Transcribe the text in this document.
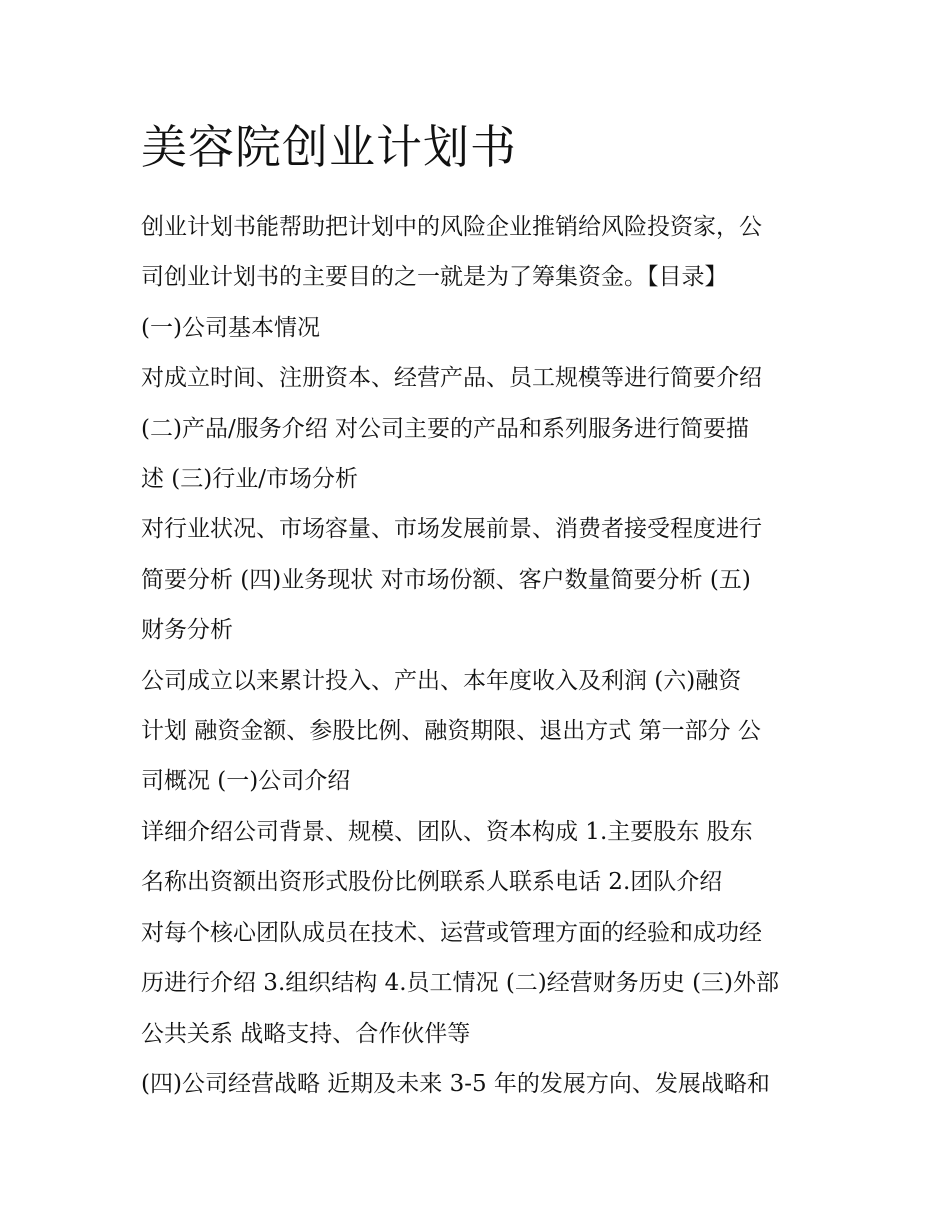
美容院创业计划书

创业计划书能帮助把计划中的风险企业推销给风险投资家，公

司创业计划书的主要目的之一就是为了筹集资金。【目录】

(一)公司基本情况

对成立时间、注册资本、经营产品、员工规模等进行简要介绍

(二)产品/服务介绍 对公司主要的产品和系列服务进行简要描

述 (三)行业/市场分析

对行业状况、市场容量、市场发展前景、消费者接受程度进行

简要分析 (四)业务现状 对市场份额、客户数量简要分析 (五)

财务分析

公司成立以来累计投入、产出、本年度收入及利润 (六)融资

计划 融资金额、参股比例、融资期限、退出方式 第一部分 公

司概况 (一)公司介绍

详细介绍公司背景、规模、团队、资本构成 1.主要股东 股东

名称出资额出资形式股份比例联系人联系电话 2.团队介绍

对每个核心团队成员在技术、运营或管理方面的经验和成功经

历进行介绍 3.组织结构 4.员工情况 (二)经营财务历史 (三)外部

公共关系 战略支持、合作伙伴等

(四)公司经营战略 近期及未来 3-5 年的发展方向、发展战略和
